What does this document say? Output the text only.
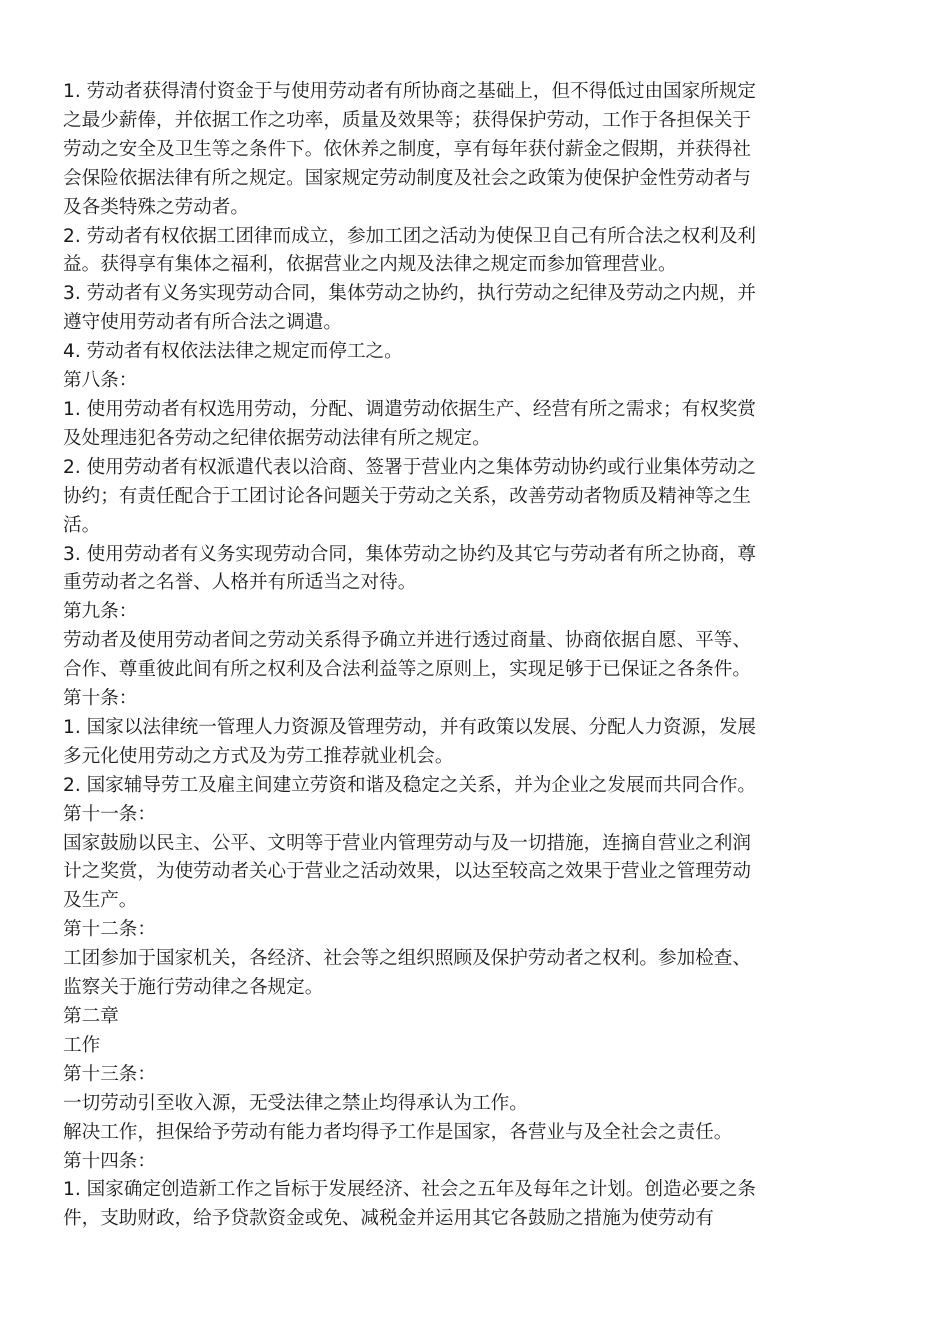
1. 劳动者获得清付资金于与使用劳动者有所协商之基础上，但不得低过由国家所规定之最少薪俸，并依据工作之功率，质量及效果等；获得保护劳动，工作于各担保关于劳动之安全及卫生等之条件下。依休养之制度，享有每年获付薪金之假期，并获得社会保险依据法律有所之规定。国家规定劳动制度及社会之政策为使保护金性劳动者与及各类特殊之劳动者。

2. 劳动者有权依据工团律而成立，参加工团之活动为使保卫自己有所合法之权利及利益。获得享有集体之福利，依据营业之内规及法律之规定而参加管理营业。

3. 劳动者有义务实现劳动合同，集体劳动之协约，执行劳动之纪律及劳动之内规，并遵守使用劳动者有所合法之调遣。

4. 劳动者有权依法法律之规定而停工之。

第八条：

1. 使用劳动者有权选用劳动，分配、调遣劳动依据生产、经营有所之需求；有权奖赏及处理违犯各劳动之纪律依据劳动法律有所之规定。

2. 使用劳动者有权派遣代表以洽商、签署于营业内之集体劳动协约或行业集体劳动之协约；有责任配合于工团讨论各问题关于劳动之关系，改善劳动者物质及精神等之生活。

3. 使用劳动者有义务实现劳动合同，集体劳动之协约及其它与劳动者有所之协商，尊重劳动者之名誉、人格并有所适当之对待。

第九条：

劳动者及使用劳动者间之劳动关系得予确立并进行透过商量、协商依据自愿、平等、合作、尊重彼此间有所之权利及合法利益等之原则上，实现足够于已保证之各条件。

第十条：

1. 国家以法律统一管理人力资源及管理劳动，并有政策以发展、分配人力资源，发展多元化使用劳动之方式及为劳工推荐就业机会。

2. 国家辅导劳工及雇主间建立劳资和谐及稳定之关系，并为企业之发展而共同合作。

第十一条：

国家鼓励以民主、公平、文明等于营业内管理劳动与及一切措施，连摘自营业之利润计之奖赏，为使劳动者关心于营业之活动效果，以达至较高之效果于营业之管理劳动及生产。

第十二条：

工团参加于国家机关，各经济、社会等之组织照顾及保护劳动者之权利。参加检查、监察关于施行劳动律之各规定。

第二章

工作

第十三条：

一切劳动引至收入源，无受法律之禁止均得承认为工作。

解决工作，担保给予劳动有能力者均得予工作是国家，各营业与及全社会之责任。

第十四条：

1. 国家确定创造新工作之旨标于发展经济、社会之五年及每年之计划。创造必要之条件，支助财政，给予贷款资金或免、减税金并运用其它各鼓励之措施为使劳动有
